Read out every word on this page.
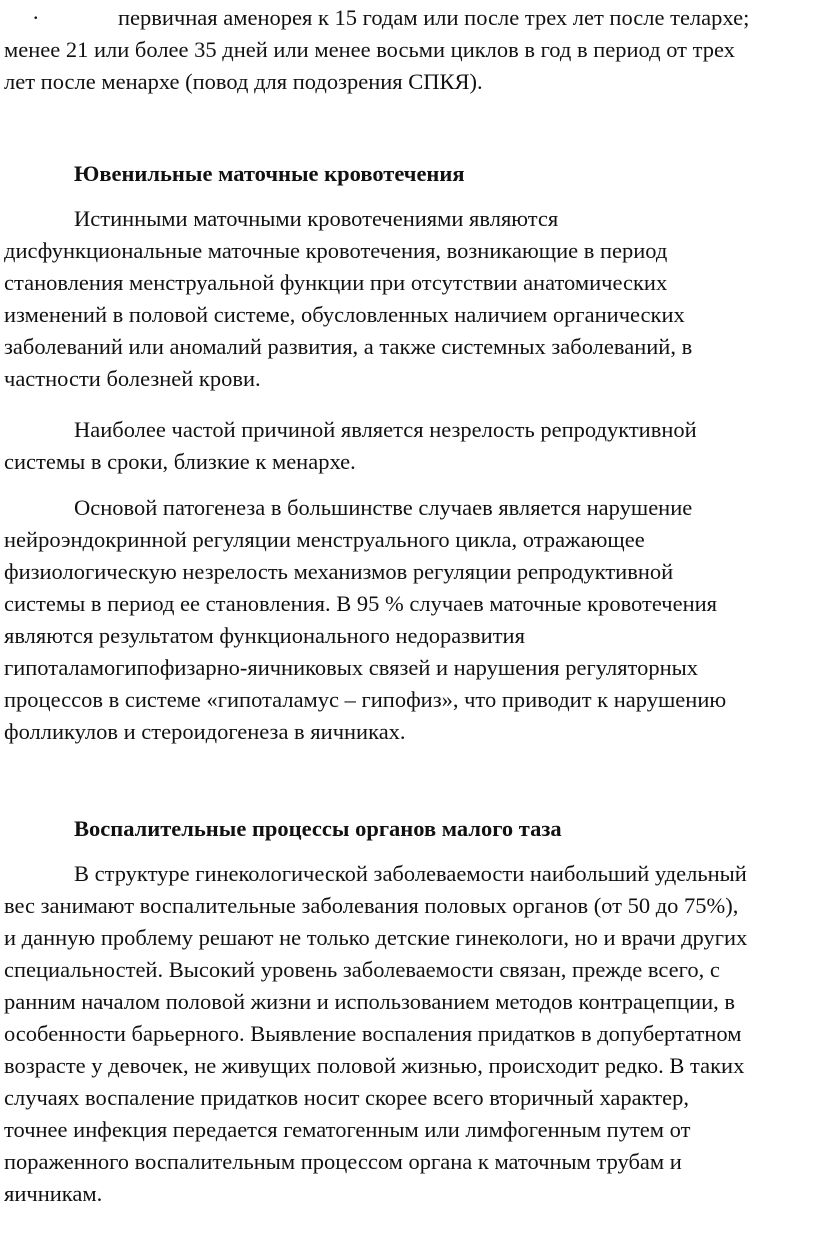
·	первичная аменорея к 15 годам или после трех лет после телархе;

менее 21 или более 35 дней или менее восьми циклов в год в период от трех

лет после менархе (повод для подозрения СПКЯ).

Ювенильные маточные кровотечения

Истинными маточными кровотечениями являются

дисфункциональные маточные кровотечения, возникающие в период

становления менструальной функции при отсутствии анатомических

изменений в половой системе, обусловленных наличием органических

заболеваний или аномалий развития, а также системных заболеваний, в

частности болезней крови.

Наиболее частой причиной является незрелость репродуктивной

системы в сроки, близкие к менархе.

Основой патогенеза в большинстве случаев является нарушение

нейроэндокринной регуляции менструального цикла, отражающее

физиологическую незрелость механизмов регуляции репродуктивной

системы в период ее становления. В 95 % случаев маточные кровотечения

являются результатом функционального недоразвития

гипоталамогипофизарно-яичниковых связей и нарушения регуляторных

процессов в системе «гипоталамус – гипофиз», что приводит к нарушению

фолликулов и стероидогенеза в яичниках.

Воспалительные процессы органов малого таза

В структуре гинекологической заболеваемости наибольший удельный

вес занимают воспалительные заболевания половых органов (от 50 до 75%),

и данную проблему решают не только детские гинекологи, но и врачи других

специальностей. Высокий уровень заболеваемости связан, прежде всего, с

ранним началом половой жизни и использованием методов контрацепции, в

особенности барьерного. Выявление воспаления придатков в допубертатном

возрасте у девочек, не живущих половой жизнью, происходит редко. В таких

случаях воспаление придатков носит скорее всего вторичный характер,

точнее инфекция передается гематогенным или лимфогенным путем от

пораженного воспалительным процессом органа к маточным трубам и

яичникам.
